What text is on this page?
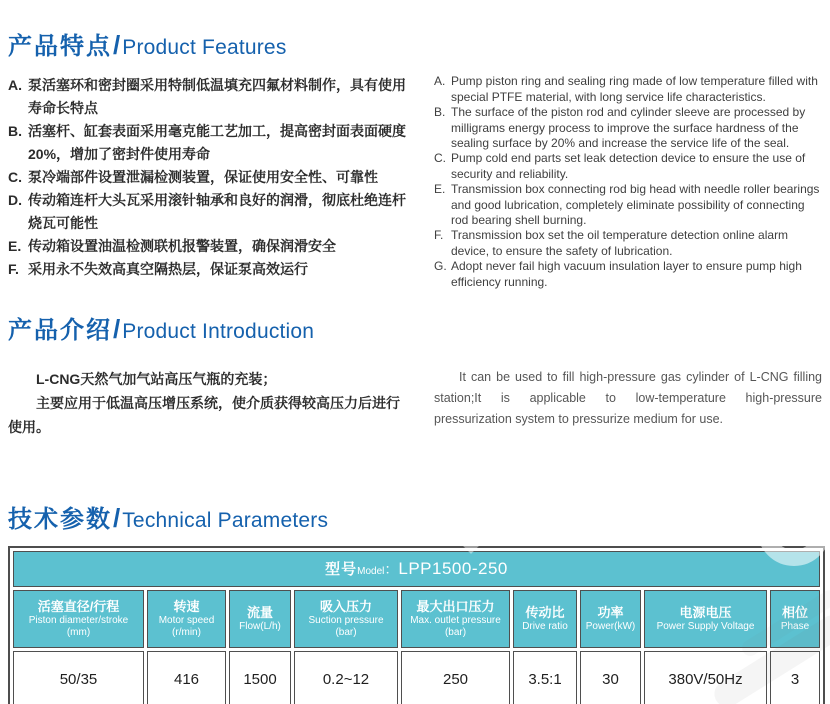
产品特点/Product Features
A. 泵活塞环和密封圈采用特制低温填充四氟材料制作，具有使用寿命长特点
B. 活塞杆、缸套表面采用毫克能工艺加工，提高密封面表面硬度20%，增加了密封件使用寿命
C. 泵冷端部件设置泄漏检测装置，保证使用安全性、可靠性
D. 传动箱连杆大头瓦采用滚针轴承和良好的润滑，彻底杜绝连杆烧瓦可能性
E. 传动箱设置油温检测联机报警装置，确保润滑安全
F. 采用永不失效高真空隔热层，保证泵高效运行
A. Pump piston ring and sealing ring made of low temperature filled with special PTFE material, with long service life characteristics.
B. The surface of the piston rod and cylinder sleeve are processed by milligrams energy process to improve the surface hardness of the sealing surface by 20% and increase the service life of the seal.
C. Pump cold end parts set leak detection device to ensure the use of security and reliability.
E. Transmission box connecting rod big head with needle roller bearings and good lubrication, completely eliminate possibility of connecting rod bearing shell burning.
F. Transmission box set the oil temperature detection online alarm device, to ensure the safety of lubrication.
G. Adopt never fail high vacuum insulation layer to ensure pump high efficiency running.
产品介绍/Product Introduction

L-CNG天然气加气站高压气瓶的充装；

主要应用于低温高压增压系统，使介质获得较高压力后进行使用。

It can be used to fill high-pressure gas cylinder of L-CNG filling station;It is applicable to low-temperature high-pressure pressurization system to pressurize medium for use.

技术参数/Technical Parameters
型号Model：LPP1500-250								

活塞直径/行程
Piston diameter/stroke
(mm)	转速
Motor speed
(r/min)	流量
Flow(L/h)	吸入压力
Suction pressure
(bar)	最大出口压力
Max. outlet pressure
(bar)	传动比
Drive ratio	功率
Power(kW)	电源电压
Power Supply Voltage	相位
Phase

50/35	416	1500	0.2~12	250	3.5:1	30	380V/50Hz	3
